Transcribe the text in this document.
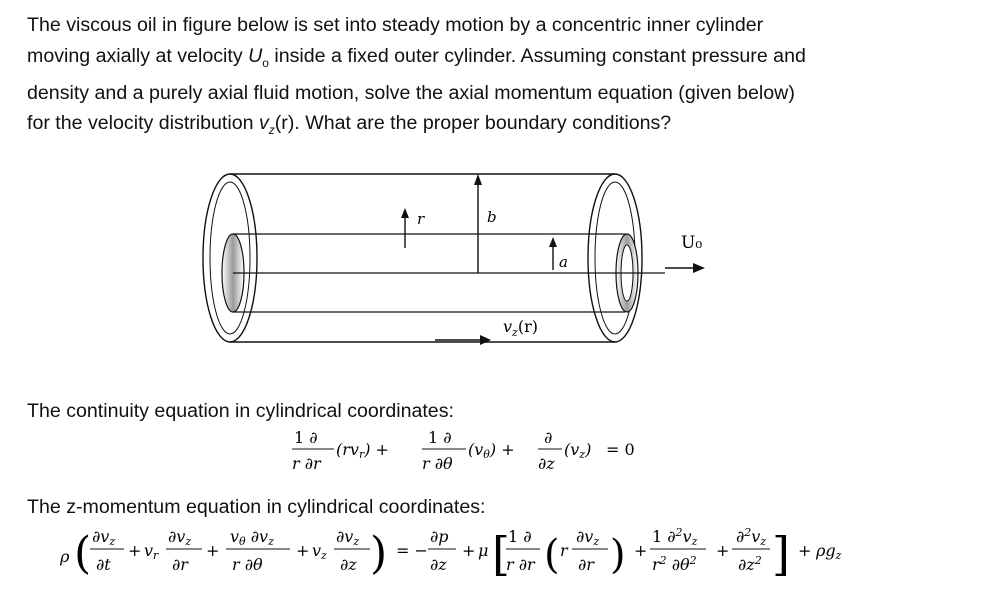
The viscous oil in figure below is set into steady motion by a concentric inner cylinder
moving axially at velocity $U_o$ inside a fixed outer cylinder. Assuming constant pressure and
density and a purely axial fluid motion, solve the axial momentum equation (given below)
for the velocity distribution $v_z(r)$. What are the proper boundary conditions?
r	b
a
U₀
$v_z(r)$
The continuity equation in cylindrical coordinates:
1 ∂
r ∂r
(rvr) +
1 ∂
r ∂θ
(vθ) +
∂
∂z
(vz) = 0
The z-momentum equation in cylindrical coordinates:
ρ ( ∂vz
∂t
+ vr
∂vz
∂r
+
vθ ∂vz
r ∂θ
+ vz
∂vz
∂z ) = −
∂p
∂z
+ μ [
1 ∂
r ∂r ( r
∂vz
∂r ) +
1 ∂$^2$vz
$r^2$ $\partial\theta^2$
+
∂$^2$vz
$\partial z^2$ ] + ρgz
